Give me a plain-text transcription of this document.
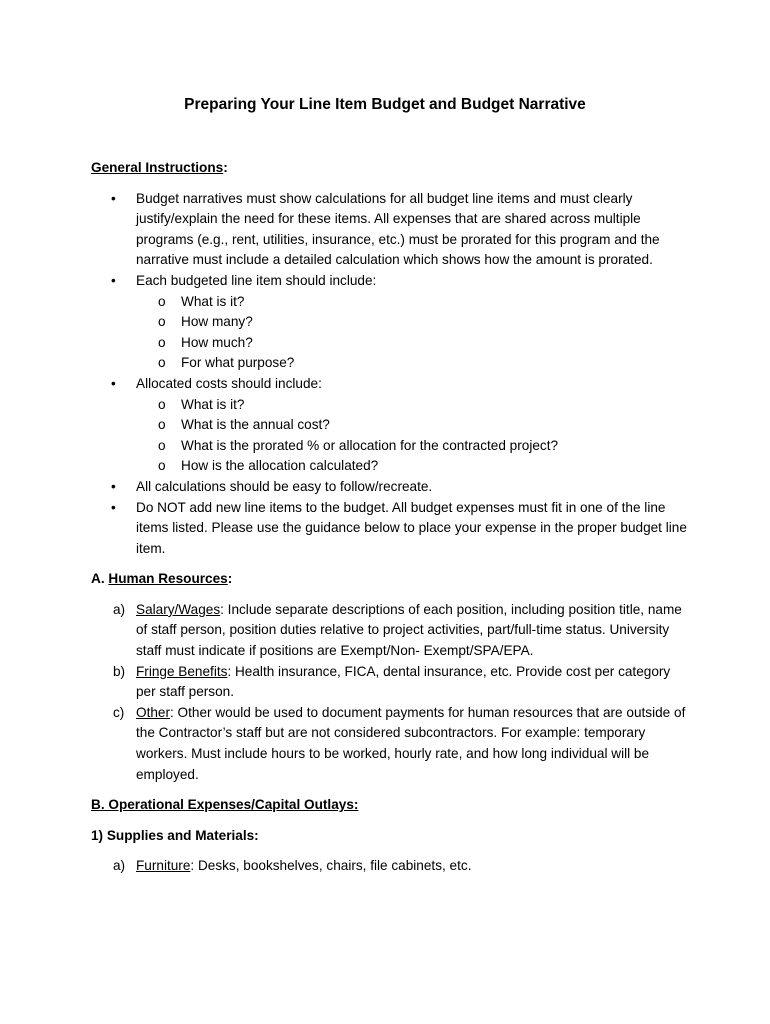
Preparing Your Line Item Budget and Budget Narrative

General Instructions:

• Budget narratives must show calculations for all budget line items and must clearly justify/explain the need for these items. All expenses that are shared across multiple programs (e.g., rent, utilities, insurance, etc.) must be prorated for this program and the narrative must include a detailed calculation which shows how the amount is prorated.
• Each budgeted line item should include:
o What is it?
o How many?
o How much?
o For what purpose?
• Allocated costs should include:
o What is it?
o What is the annual cost?
o What is the prorated % or allocation for the contracted project?
o How is the allocation calculated?
• All calculations should be easy to follow/recreate.
• Do NOT add new line items to the budget. All budget expenses must fit in one of the line items listed. Please use the guidance below to place your expense in the proper budget line item.

A. Human Resources:

a) Salary/Wages: Include separate descriptions of each position, including position title, name of staff person, position duties relative to project activities, part/full-time status. University staff must indicate if positions are Exempt/Non- Exempt/SPA/EPA.
b) Fringe Benefits: Health insurance, FICA, dental insurance, etc. Provide cost per category per staff person.
c) Other: Other would be used to document payments for human resources that are outside of the Contractor’s staff but are not considered subcontractors. For example: temporary workers. Must include hours to be worked, hourly rate, and how long individual will be employed.

B. Operational Expenses/Capital Outlays:

1) Supplies and Materials:

a) Furniture: Desks, bookshelves, chairs, file cabinets, etc.
